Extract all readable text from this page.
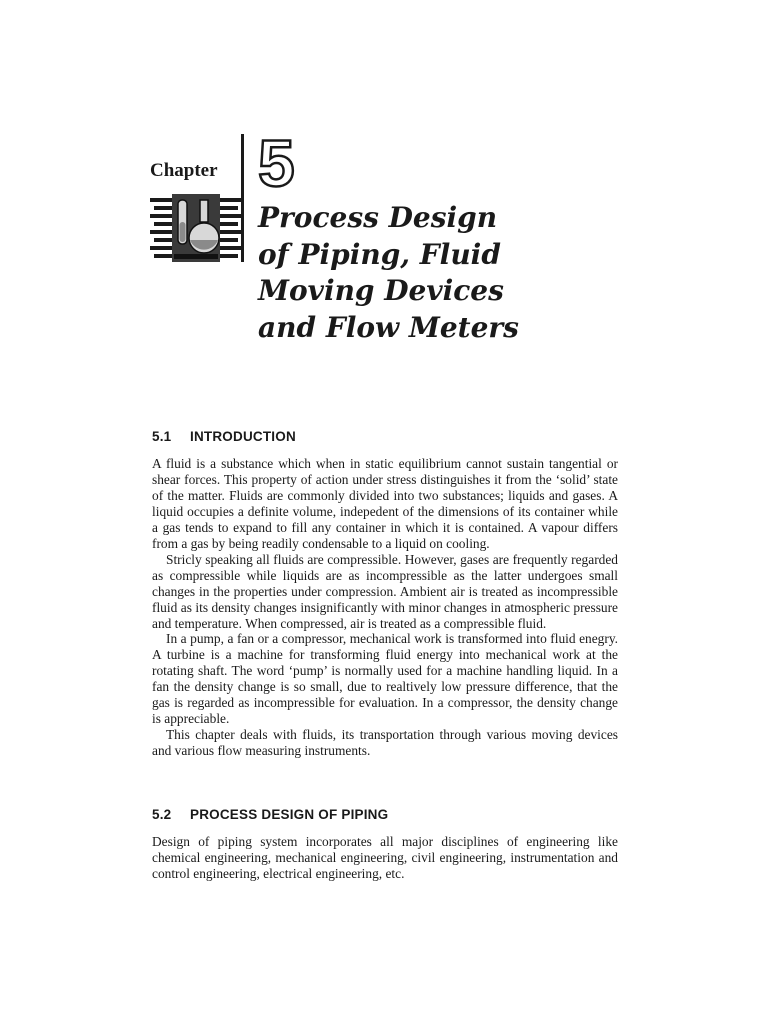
Chapter 5
Process Design
of Piping, Fluid
Moving Devices
and Flow Meters
5.1 INTRODUCTION

A fluid is a substance which when in static equilibrium cannot sustain tangential or shear forces. This property of action under stress distinguishes it from the ‘solid’ state of the matter. Fluids are commonly divided into two substances; liquids and gases. A liquid occupies a definite volume, indepedent of the dimensions of its container while a gas tends to expand to fill any container in which it is contained. A vapour differs from a gas by being readily condensable to a liquid on cooling.

Stricly speaking all fluids are compressible. However, gases are frequently regarded as compressible while liquids are as incompressible as the latter undergoes small changes in the properties under compression. Ambient air is treated as incompressible fluid as its density changes insignificantly with minor changes in atmospheric pressure and temperature. When compressed, air is treated as a compressible fluid.

In a pump, a fan or a compressor, mechanical work is transformed into fluid enegry. A turbine is a machine for transforming fluid energy into mechanical work at the rotating shaft. The word ‘pump’ is normally used for a machine handling liquid. In a fan the density change is so small, due to realtively low pressure difference, that the gas is regarded as incompressible for evaluation. In a compressor, the density change is appreciable.

This chapter deals with fluids, its transportation through various moving devices and various flow measuring instruments.

5.2 PROCESS DESIGN OF PIPING

Design of piping system incorporates all major disciplines of engineering like chemical engineering, mechanical engineering, civil engineering, instrumentation and control engineering, electrical engineering, etc.
